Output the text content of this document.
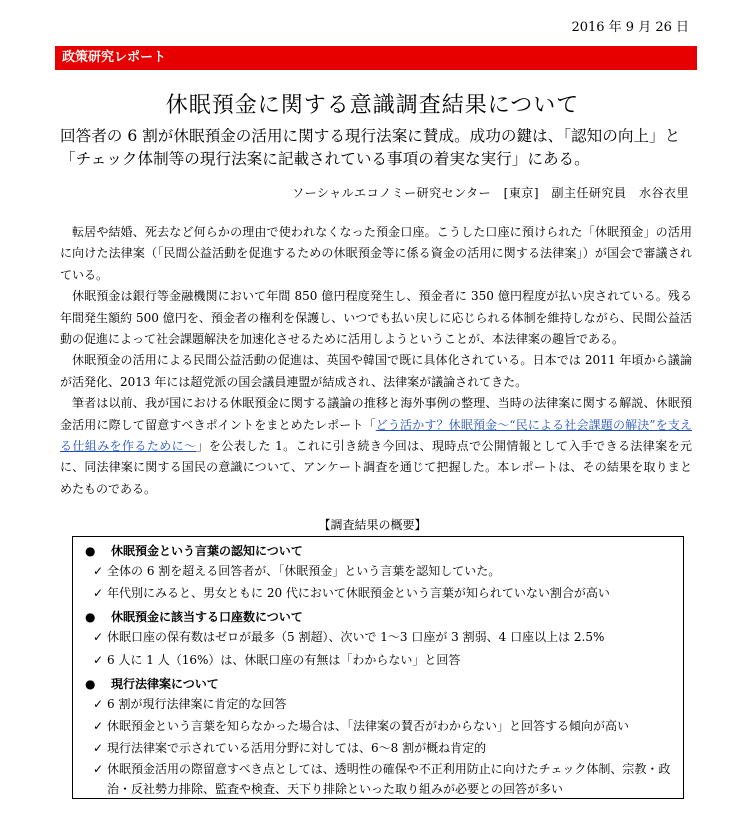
2016 年 9 月 26 日
政策研究レポート
休眠預金に関する意識調査結果について
回答者の 6 割が休眠預金の活用に関する現行法案に賛成。成功の鍵は、「認知の向上」と「チェック体制等の現行法案に記載されている事項の着実な実行」にある。
ソーシャルエコノミー研究センター　[東京]　副主任研究員　水谷衣里

転居や結婚、死去など何らかの理由で使われなくなった預金口座。こうした口座に預けられた「休眠預金」の活用に向けた法律案（「民間公益活動を促進するための休眠預金等に係る資金の活用に関する法律案」）が国会で審議されている。

休眠預金は銀行等金融機関において年間 850 億円程度発生し、預金者に 350 億円程度が払い戻されている。残る年間発生額約 500 億円を、預金者の権利を保護し、いつでも払い戻しに応じられる体制を維持しながら、民間公益活動の促進によって社会課題解決を加速化させるために活用しようということが、本法律案の趣旨である。

休眠預金の活用による民間公益活動の促進は、英国や韓国で既に具体化されている。日本では 2011 年頃から議論が活発化、2013 年には超党派の国会議員連盟が結成され、法律案が議論されてきた。

筆者は以前、我が国における休眠預金に関する議論の推移と海外事例の整理、当時の法律案に関する解説、休眠預金活用に際して留意すべきポイントをまとめたレポート「どう活かす？休眠預金～“民による社会課題の解決”を支える仕組みを作るために～」を公表した 1。これに引き続き今回は、現時点で公開情報として入手できる法律案を元に、同法律案に関する国民の意識について、アンケート調査を通じて把握した。本レポートは、その結果を取りまとめたものである。

【調査結果の概要】
● 休眠預金という言葉の認知について
✓ 全体の 6 割を超える回答者が、「休眠預金」という言葉を認知していた。
✓ 年代別にみると、男女ともに 20 代において休眠預金という言葉が知られていない割合が高い
● 休眠預金に該当する口座数について
✓ 休眠口座の保有数はゼロが最多（5 割超）、次いで 1～3 口座が 3 割弱、4 口座以上は 2.5%
✓ 6 人に 1 人（16%）は、休眠口座の有無は「わからない」と回答
● 現行法律案について
✓ 6 割が現行法律案に肯定的な回答
✓ 休眠預金という言葉を知らなかった場合は、「法律案の賛否がわからない」と回答する傾向が高い
✓ 現行法律案で示されている活用分野に対しては、6～8 割が概ね肯定的
✓ 休眠預金活用の際留意すべき点としては、透明性の確保や不正利用防止に向けたチェック体制、宗教・政治・反社勢力排除、監査や検査、天下り排除といった取り組みが必要との回答が多い
